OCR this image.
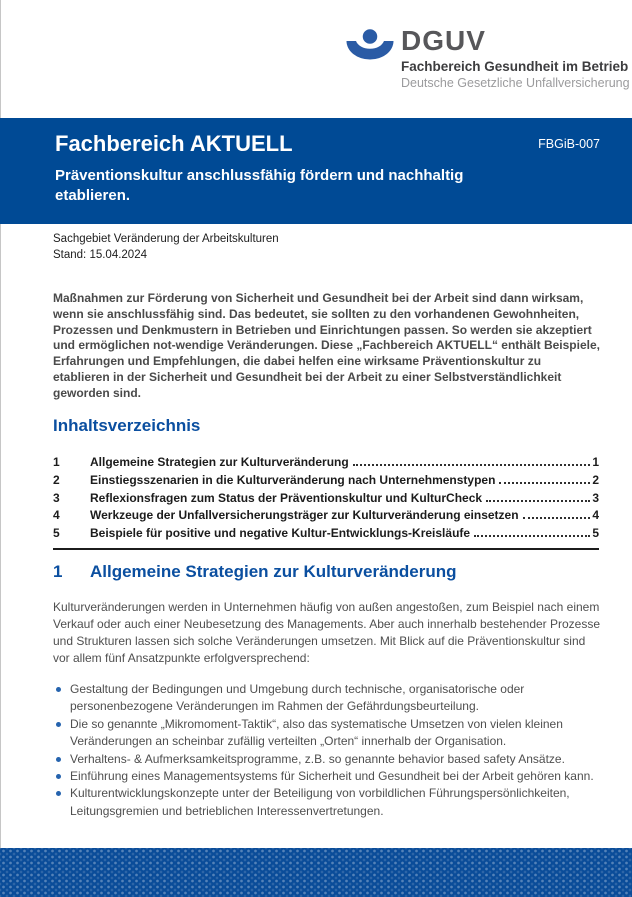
DGUV
Fachbereich Gesundheit im Betrieb
Deutsche Gesetzliche Unfallversicherung
Fachbereich AKTUELL	FBGiB-007
Präventionskultur anschlussfähig fördern und nachhaltig etablieren.
Sachgebiet Veränderung der Arbeitskulturen
Stand: 15.04.2024
Maßnahmen zur Förderung von Sicherheit und Gesundheit bei der Arbeit sind dann wirksam, wenn sie anschlussfähig sind. Das bedeutet, sie sollten zu den vorhandenen Gewohnheiten, Prozessen und Denkmustern in Betrieben und Einrichtungen passen. So werden sie akzeptiert und ermöglichen not-wendige Veränderungen. Diese „Fachbereich AKTUELL“ enthält Beispiele, Erfahrungen und Empfehlungen, die dabei helfen eine wirksame Präventionskultur zu etablieren in der Sicherheit und Gesundheit bei der Arbeit zu einer Selbstverständlichkeit geworden sind.
Inhaltsverzeichnis
1	Allgemeine Strategien zur Kulturveränderung	1
2	Einstiegsszenarien in die Kulturveränderung nach Unternehmenstypen	2
3	Reflexionsfragen zum Status der Präventionskultur und KulturCheck	3
4	Werkzeuge der Unfallversicherungsträger zur Kulturveränderung einsetzen	4
5	Beispiele für positive und negative Kultur-Entwicklungs-Kreisläufe	5
1	Allgemeine Strategien zur Kulturveränderung
Kulturveränderungen werden in Unternehmen häufig von außen angestoßen, zum Beispiel nach einem Verkauf oder auch einer Neubesetzung des Managements. Aber auch innerhalb bestehender Prozesse und Strukturen lassen sich solche Veränderungen umsetzen. Mit Blick auf die Präventionskultur sind vor allem fünf Ansatzpunkte erfolgversprechend:
Gestaltung der Bedingungen und Umgebung durch technische, organisatorische oder personenbezogene Veränderungen im Rahmen der Gefährdungsbeurteilung.
Die so genannte „Mikromoment-Taktik“, also das systematische Umsetzen von vielen kleinen Veränderungen an scheinbar zufällig verteilten „Orten“ innerhalb der Organisation.
Verhaltens- & Aufmerksamkeitsprogramme, z.B. so genannte behavior based safety Ansätze.
Einführung eines Managementsystems für Sicherheit und Gesundheit bei der Arbeit gehören kann.
Kulturentwicklungskonzepte unter der Beteiligung von vorbildlichen Führungspersönlichkeiten, Leitungsgremien und betrieblichen Interessenvertretungen.
